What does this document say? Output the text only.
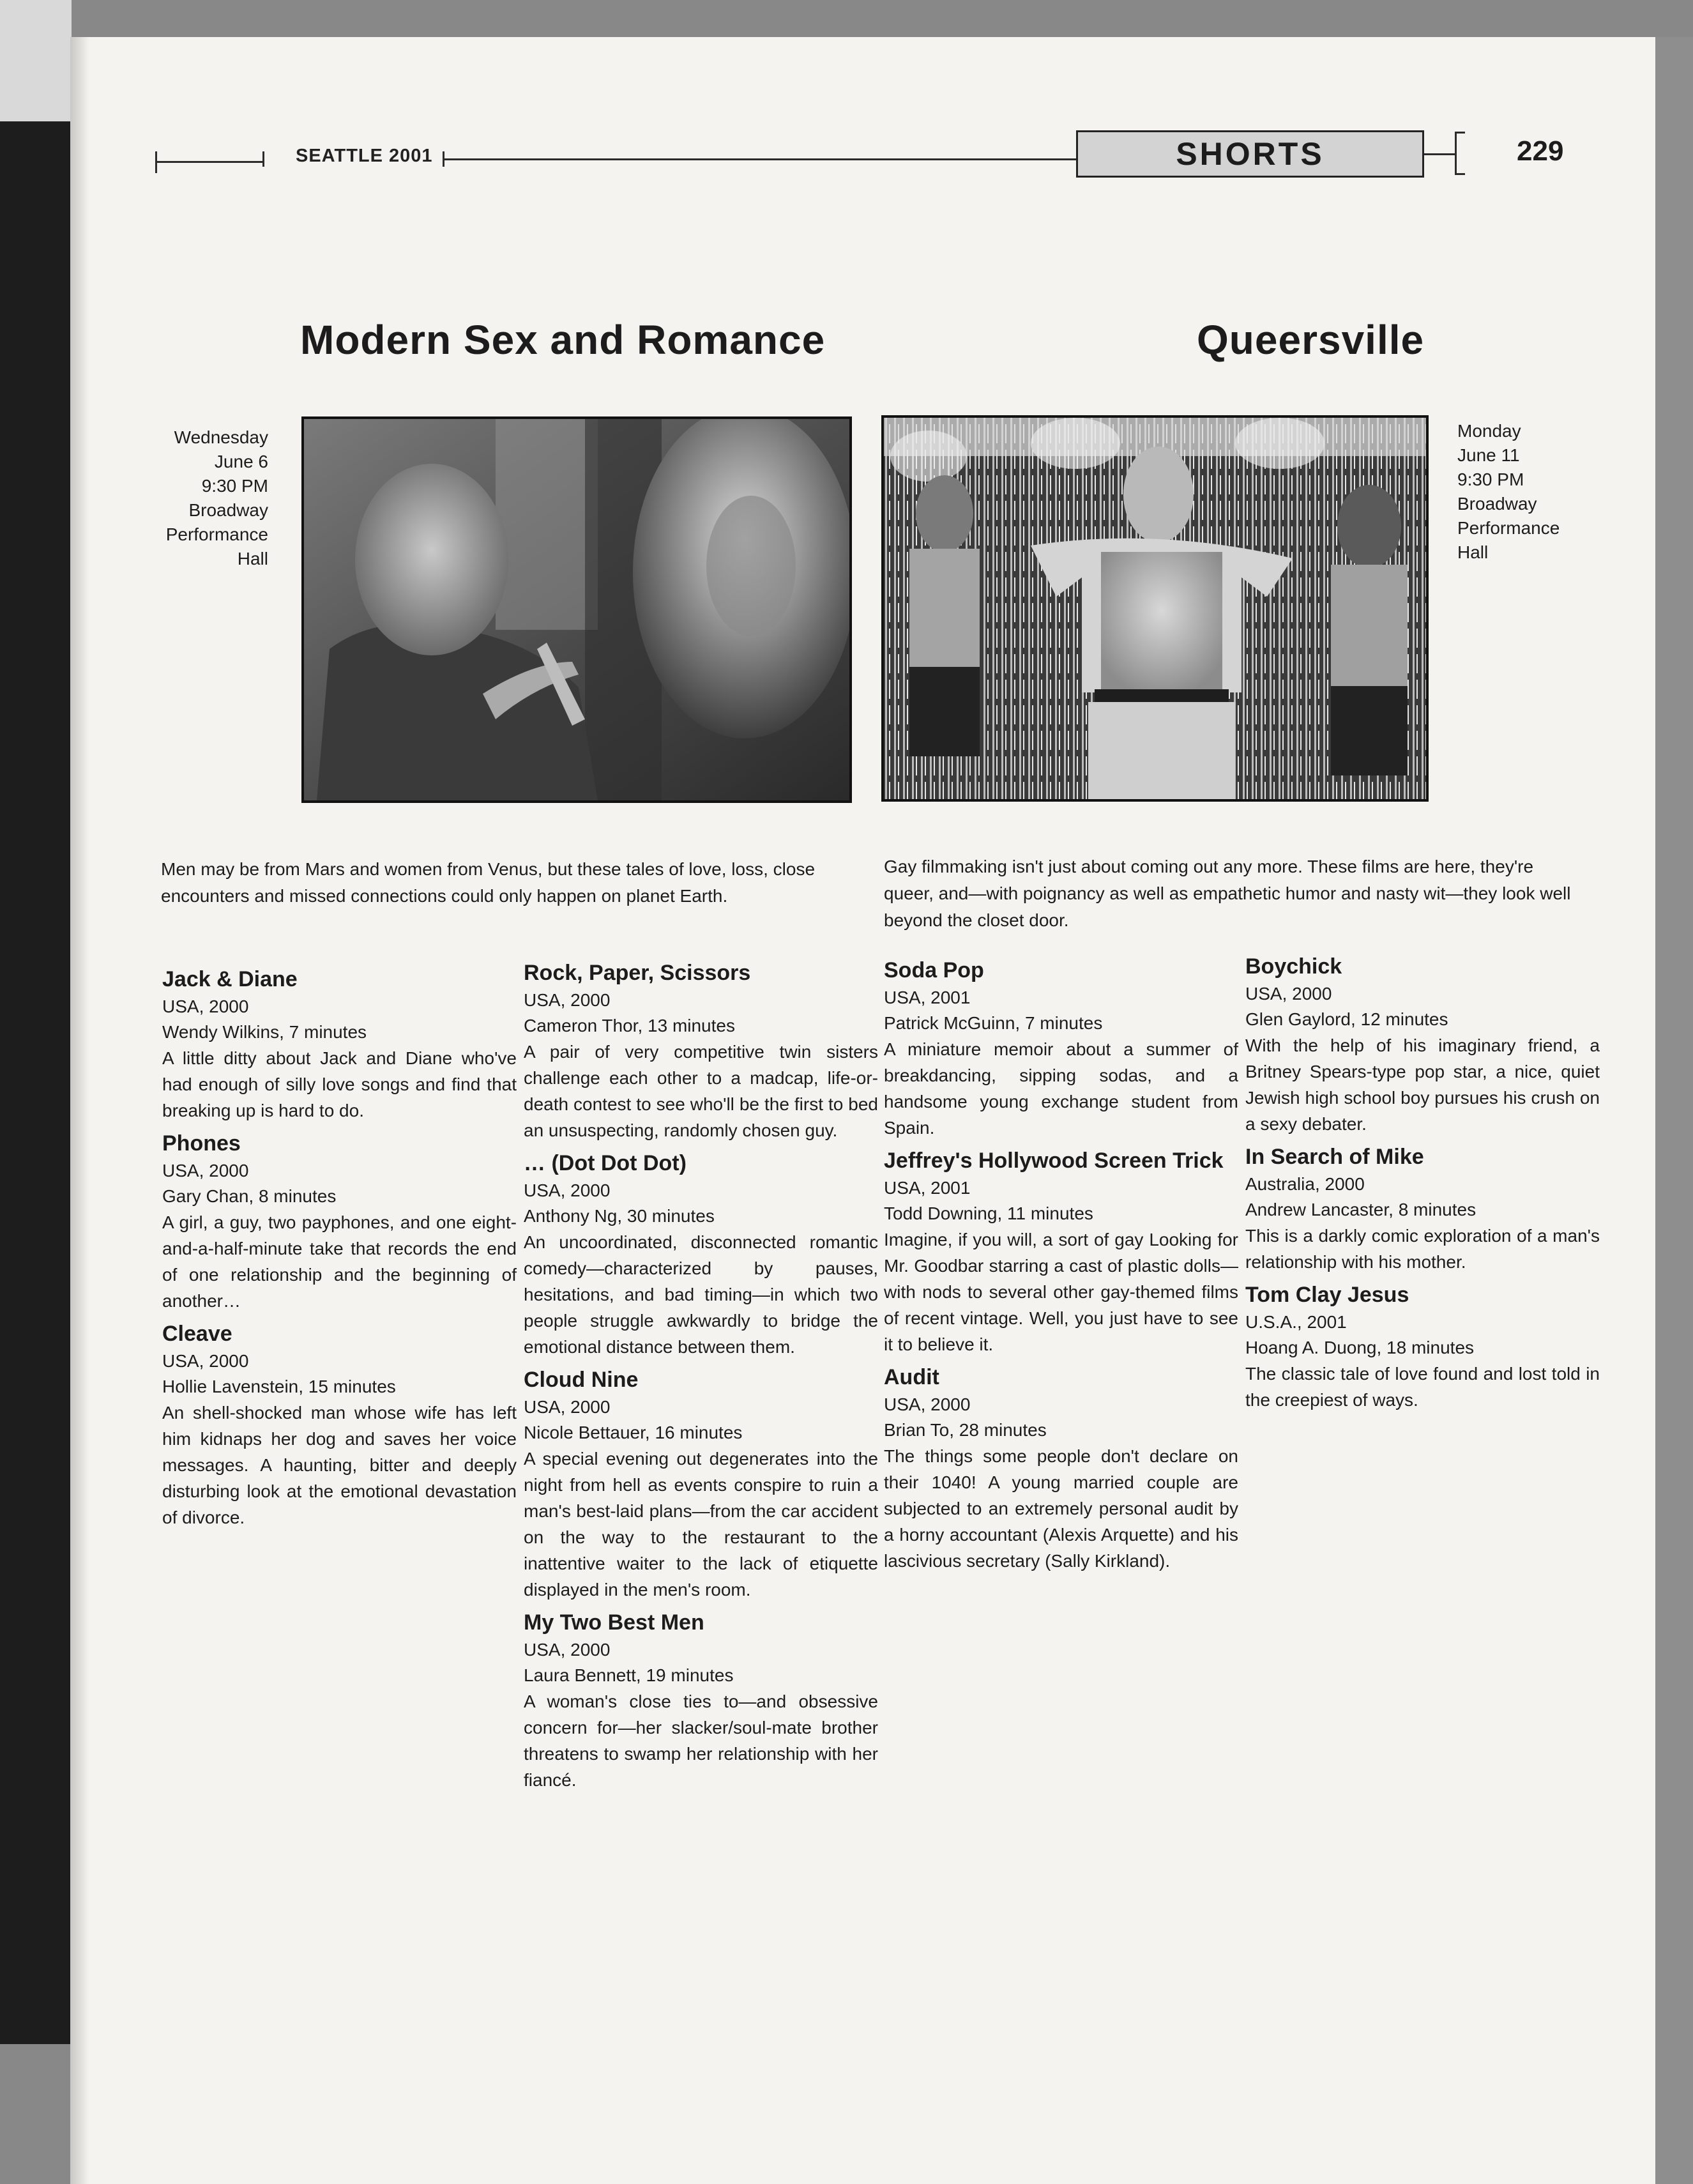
SEATTLE 2001	SHORTS	229
Modern Sex and Romance
Wednesday
June 6
9:30 PM
Broadway
Performance
Hall
Men may be from Mars and women from Venus, but these tales of love, loss, close encounters and missed connections could only happen on planet Earth.
Queersville
Monday
June 11
9:30 PM
Broadway
Performance
Hall
Gay filmmaking isn't just about coming out any more. These films are here, they're queer, and—with poignancy as well as empathetic humor and nasty wit—they look well beyond the closet door.
Jack & Diane
USA, 2000
Wendy Wilkins, 7 minutes
A little ditty about Jack and Diane who've had enough of silly love songs and find that breaking up is hard to do.
Phones
USA, 2000
Gary Chan, 8 minutes
A girl, a guy, two payphones, and one eight-and-a-half-minute take that records the end of one relationship and the beginning of another…
Cleave
USA, 2000
Hollie Lavenstein, 15 minutes
An shell-shocked man whose wife has left him kidnaps her dog and saves her voice messages. A haunting, bitter and deeply disturbing look at the emotional devastation of divorce.
Rock, Paper, Scissors
USA, 2000
Cameron Thor, 13 minutes
A pair of very competitive twin sisters challenge each other to a madcap, life-or-death contest to see who'll be the first to bed an unsuspecting, randomly chosen guy.
… (Dot Dot Dot)
USA, 2000
Anthony Ng, 30 minutes
An uncoordinated, disconnected romantic comedy—characterized by pauses, hesitations, and bad timing—in which two people struggle awkwardly to bridge the emotional distance between them.
Cloud Nine
USA, 2000
Nicole Bettauer, 16 minutes
A special evening out degenerates into the night from hell as events conspire to ruin a man's best-laid plans—from the car accident on the way to the restaurant to the inattentive waiter to the lack of etiquette displayed in the men's room.
My Two Best Men
USA, 2000
Laura Bennett, 19 minutes
A woman's close ties to—and obsessive concern for—her slacker/soul-mate brother threatens to swamp her relationship with her fiancé.
Soda Pop
USA, 2001
Patrick McGuinn, 7 minutes
A miniature memoir about a summer of breakdancing, sipping sodas, and a handsome young exchange student from Spain.
Jeffrey's Hollywood Screen Trick
USA, 2001
Todd Downing, 11 minutes
Imagine, if you will, a sort of gay Looking for Mr. Goodbar starring a cast of plastic dolls—with nods to several other gay-themed films of recent vintage. Well, you just have to see it to believe it.
Audit
USA, 2000
Brian To, 28 minutes
The things some people don't declare on their 1040! A young married couple are subjected to an extremely personal audit by a horny accountant (Alexis Arquette) and his lascivious secretary (Sally Kirkland).
Boychick
USA, 2000
Glen Gaylord, 12 minutes
With the help of his imaginary friend, a Britney Spears-type pop star, a nice, quiet Jewish high school boy pursues his crush on a sexy debater.
In Search of Mike
Australia, 2000
Andrew Lancaster, 8 minutes
This is a darkly comic exploration of a man's relationship with his mother.
Tom Clay Jesus
U.S.A., 2001
Hoang A. Duong, 18 minutes
The classic tale of love found and lost told in the creepiest of ways.
